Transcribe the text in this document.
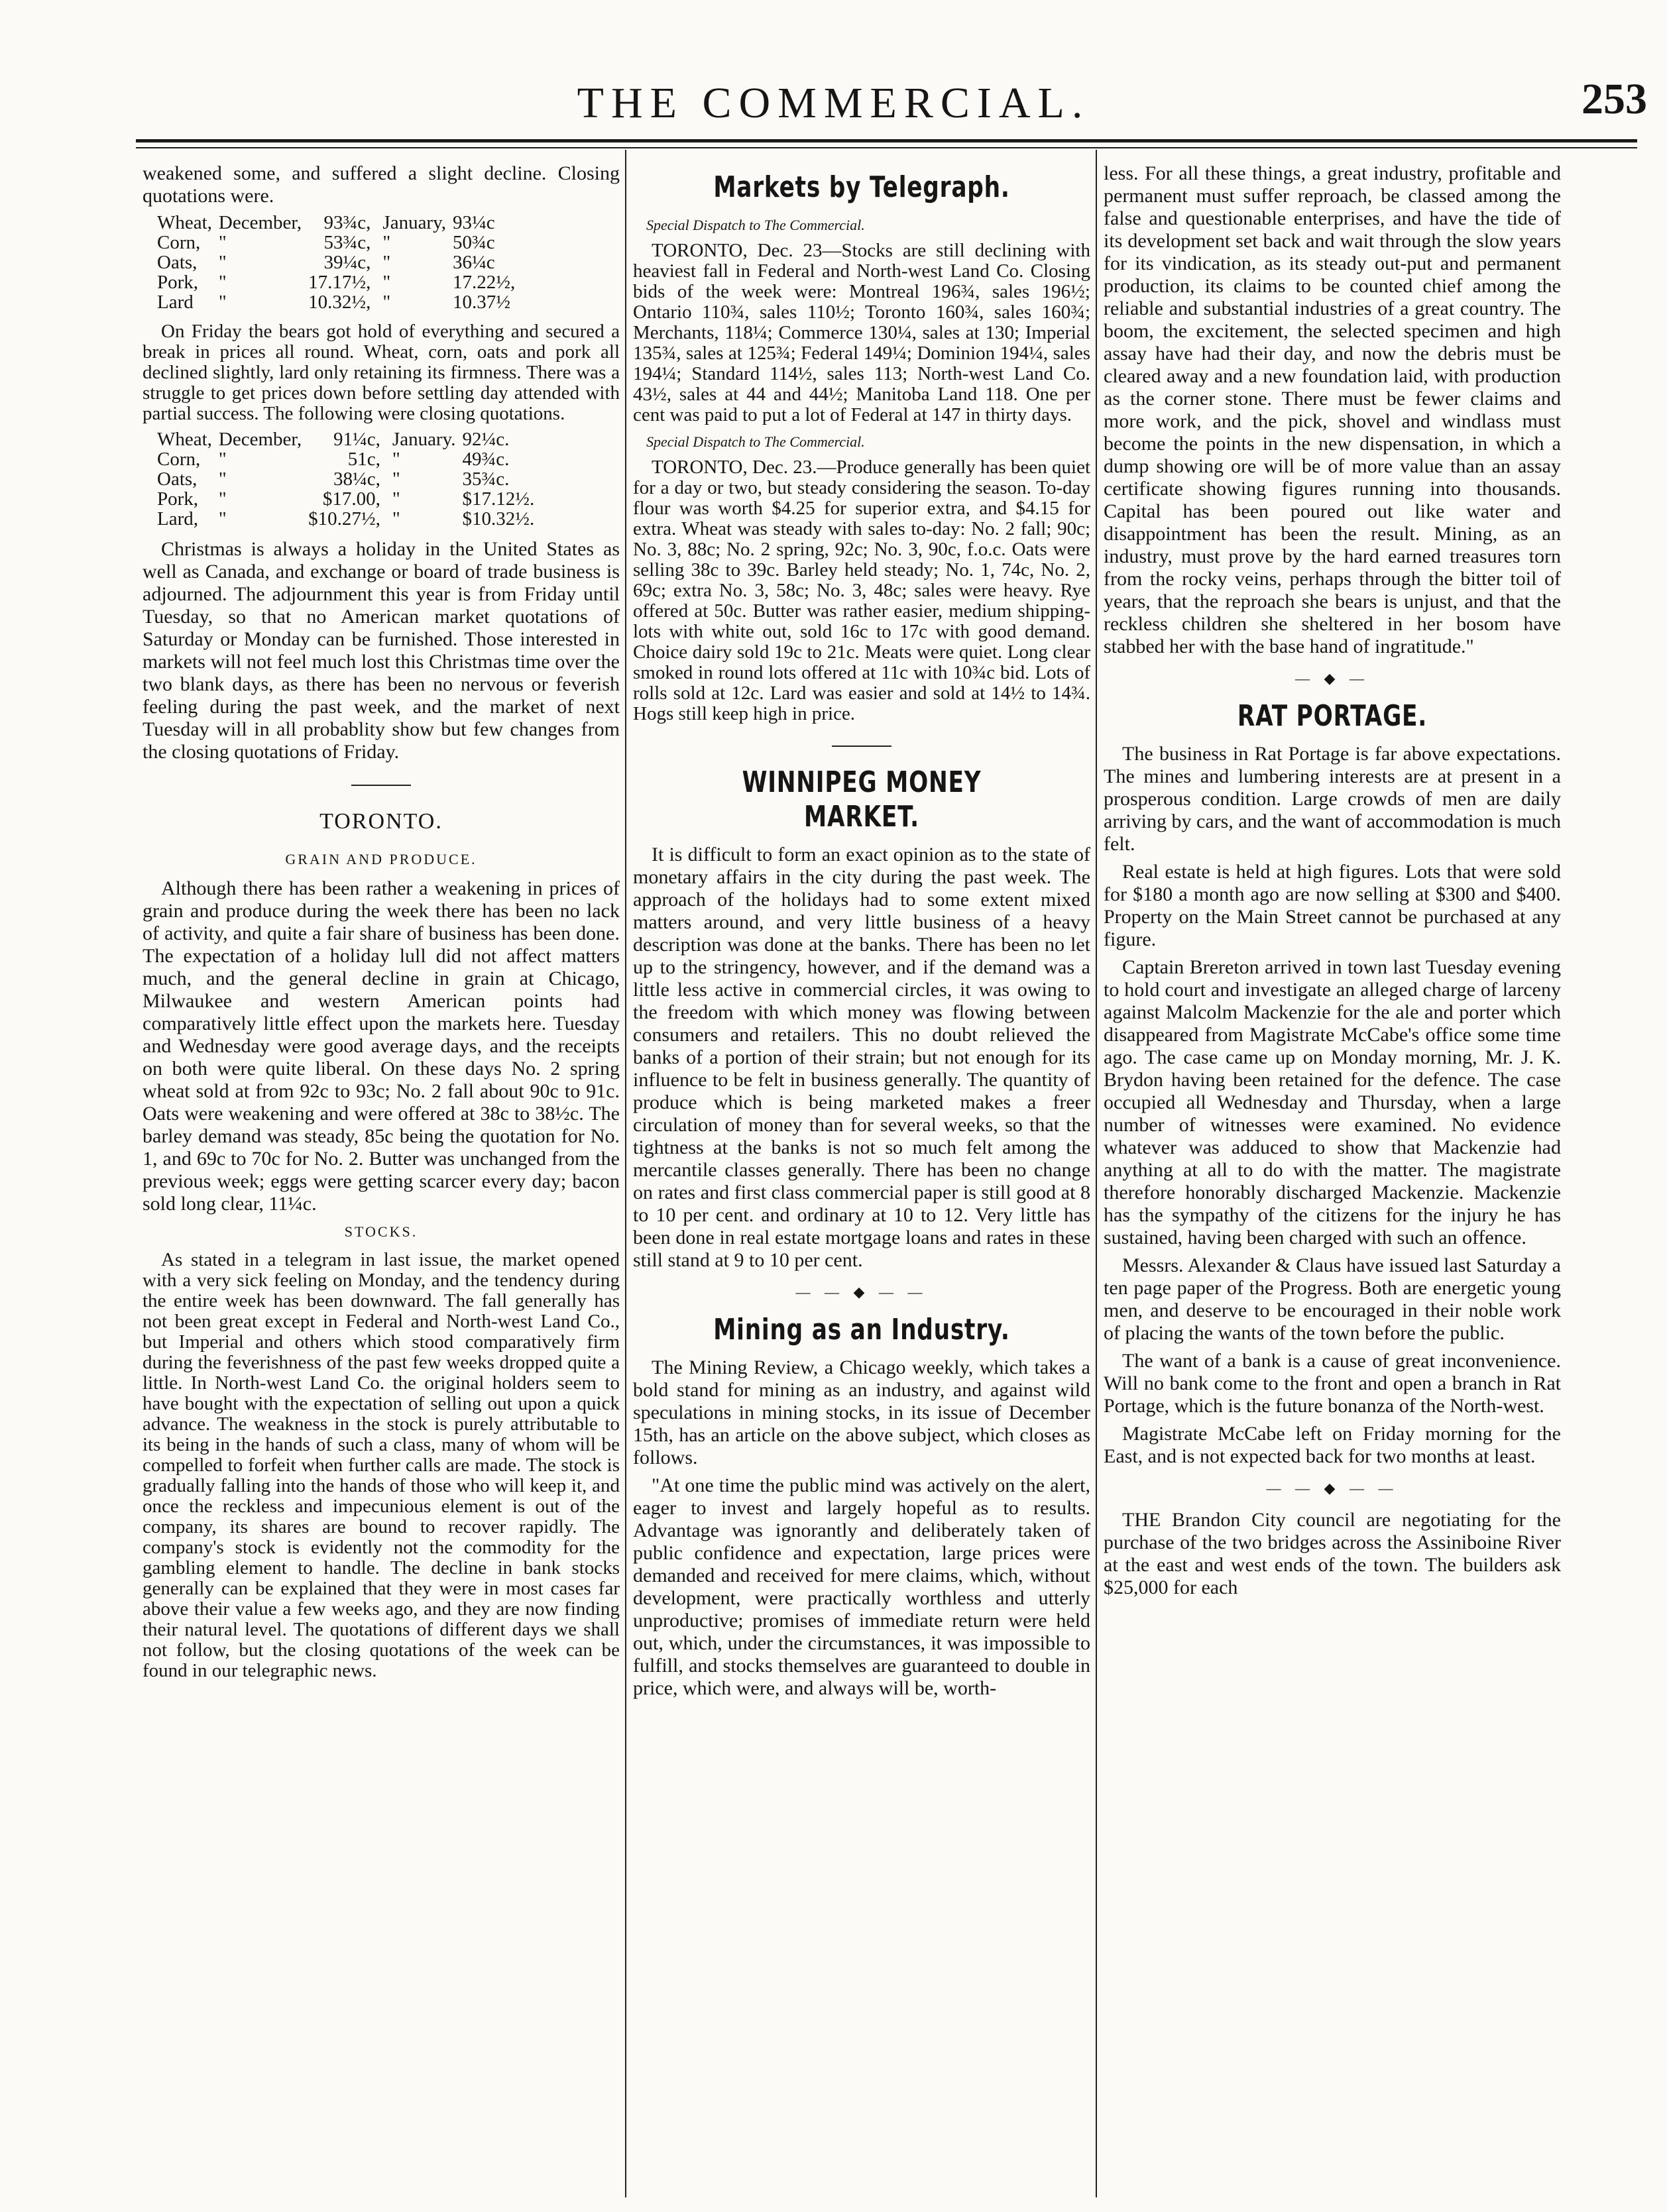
THE COMMERCIAL.	253

weakened some, and suffered a slight decline. Closing quotations were.

Wheat,	December,	93¾c,	January,	93¼c
Corn,	"	53¾c,	"	50¾c
Oats,	"	39¼c,	"	36¼c
Pork,	"	17.17½,	"	17.22½,
Lard	"	10.32½,	"	10.37½

On Friday the bears got hold of everything and secured a break in prices all round. Wheat, corn, oats and pork all declined slightly, lard only retaining its firmness. There was a struggle to get prices down before settling day attended with partial success. The following were closing quotations.

Wheat,	December,	91¼c,	January.	92¼c.
Corn,	"	51c,	"	49¾c.
Oats,	"	38¼c,	"	35¾c.
Pork,	"	$17.00,	"	$17.12½.
Lard,	"	$10.27½,	"	$10.32½.

Christmas is always a holiday in the United States as well as Canada, and exchange or board of trade business is adjourned. The adjournment this year is from Friday until Tuesday, so that no American market quotations of Saturday or Monday can be furnished. Those interested in markets will not feel much lost this Christmas time over the two blank days, as there has been no nervous or feverish feeling during the past week, and the market of next Tuesday will in all probablity show but few changes from the closing quotations of Friday.

TORONTO.
GRAIN AND PRODUCE.

Although there has been rather a weakening in prices of grain and produce during the week there has been no lack of activity, and quite a fair share of business has been done. The expectation of a holiday lull did not affect matters much, and the general decline in grain at Chicago, Milwaukee and western American points had comparatively little effect upon the markets here. Tuesday and Wednesday were good average days, and the receipts on both were quite liberal. On these days No. 2 spring wheat sold at from 92c to 93c; No. 2 fall about 90c to 91c. Oats were weakening and were offered at 38c to 38½c. The barley demand was steady, 85c being the quotation for No. 1, and 69c to 70c for No. 2. Butter was unchanged from the previous week; eggs were getting scarcer every day; bacon sold long clear, 11¼c.

STOCKS.

As stated in a telegram in last issue, the market opened with a very sick feeling on Monday, and the tendency during the entire week has been downward. The fall generally has not been great except in Federal and North-west Land Co., but Imperial and others which stood comparatively firm during the feverishness of the past few weeks dropped quite a little. In North-west Land Co. the original holders seem to have bought with the expectation of selling out upon a quick advance. The weakness in the stock is purely attributable to its being in the hands of such a class, many of whom will be compelled to forfeit when further calls are made. The stock is gradually falling into the hands of those who will keep it, and once the reckless and impecunious element is out of the company, its shares are bound to recover rapidly. The company's stock is evidently not the commodity for the gambling element to handle. The decline in bank stocks generally can be explained that they were in most cases far above their value a few weeks ago, and they are now finding their natural level. The quotations of different days we shall not follow, but the closing quotations of the week can be found in our telegraphic news.

Markets by Telegraph.
Special Dispatch to The Commercial.

TORONTO, Dec. 23—Stocks are still declining with heaviest fall in Federal and North-west Land Co. Closing bids of the week were: Montreal 196¾, sales 196½; Ontario 110¾, sales 110½; Toronto 160¾, sales 160¾; Merchants, 118¼; Commerce 130¼, sales at 130; Imperial 135¾, sales at 125¾; Federal 149¼; Dominion 194¼, sales 194¼; Standard 114½, sales 113; North-west Land Co. 43½, sales at 44 and 44½; Manitoba Land 118. One per cent was paid to put a lot of Federal at 147 in thirty days.

Special Dispatch to The Commercial.

TORONTO, Dec. 23.—Produce generally has been quiet for a day or two, but steady considering the season. To-day flour was worth $4.25 for superior extra, and $4.15 for extra. Wheat was steady with sales to-day: No. 2 fall; 90c; No. 3, 88c; No. 2 spring, 92c; No. 3, 90c, f.o.c. Oats were selling 38c to 39c. Barley held steady; No. 1, 74c, No. 2, 69c; extra No. 3, 58c; No. 3, 48c; sales were heavy. Rye offered at 50c. Butter was rather easier, medium shipping-lots with white out, sold 16c to 17c with good demand. Choice dairy sold 19c to 21c. Meats were quiet. Long clear smoked in round lots offered at 11c with 10¾c bid. Lots of rolls sold at 12c. Lard was easier and sold at 14½ to 14¾. Hogs still keep high in price.

WINNIPEG MONEY MARKET.

It is difficult to form an exact opinion as to the state of monetary affairs in the city during the past week. The approach of the holidays had to some extent mixed matters around, and very little business of a heavy description was done at the banks. There has been no let up to the stringency, however, and if the demand was a little less active in commercial circles, it was owing to the freedom with which money was flowing between consumers and retailers. This no doubt relieved the banks of a portion of their strain; but not enough for its influence to be felt in business generally. The quantity of produce which is being marketed makes a freer circulation of money than for several weeks, so that the tightness at the banks is not so much felt among the mercantile classes generally. There has been no change on rates and first class commercial paper is still good at 8 to 10 per cent. and ordinary at 10 to 12. Very little has been done in real estate mortgage loans and rates in these still stand at 9 to 10 per cent.

— — ◆ — —
Mining as an Industry.

The Mining Review, a Chicago weekly, which takes a bold stand for mining as an industry, and against wild speculations in mining stocks, in its issue of December 15th, has an article on the above subject, which closes as follows.

"At one time the public mind was actively on the alert, eager to invest and largely hopeful as to results. Advantage was ignorantly and deliberately taken of public confidence and expectation, large prices were demanded and received for mere claims, which, without development, were practically worthless and utterly unproductive; promises of immediate return were held out, which, under the circumstances, it was impossible to fulfill, and stocks themselves are guaranteed to double in price, which were, and always will be, worth-

less. For all these things, a great industry, profitable and permanent must suffer reproach, be classed among the false and questionable enterprises, and have the tide of its development set back and wait through the slow years for its vindication, as its steady out-put and permanent production, its claims to be counted chief among the reliable and substantial industries of a great country. The boom, the excitement, the selected specimen and high assay have had their day, and now the debris must be cleared away and a new foundation laid, with production as the corner stone. There must be fewer claims and more work, and the pick, shovel and windlass must become the points in the new dispensation, in which a dump showing ore will be of more value than an assay certificate showing figures running into thousands. Capital has been poured out like water and disappointment has been the result. Mining, as an industry, must prove by the hard earned treasures torn from the rocky veins, perhaps through the bitter toil of years, that the reproach she bears is unjust, and that the reckless children she sheltered in her bosom have stabbed her with the base hand of ingratitude."

— ◆ —
RAT PORTAGE.

The business in Rat Portage is far above expectations. The mines and lumbering interests are at present in a prosperous condition. Large crowds of men are daily arriving by cars, and the want of accommodation is much felt.

Real estate is held at high figures. Lots that were sold for $180 a month ago are now selling at $300 and $400. Property on the Main Street cannot be purchased at any figure.

Captain Brereton arrived in town last Tuesday evening to hold court and investigate an alleged charge of larceny against Malcolm Mackenzie for the ale and porter which disappeared from Magistrate McCabe's office some time ago. The case came up on Monday morning, Mr. J. K. Brydon having been retained for the defence. The case occupied all Wednesday and Thursday, when a large number of witnesses were examined. No evidence whatever was adduced to show that Mackenzie had anything at all to do with the matter. The magistrate therefore honorably discharged Mackenzie. Mackenzie has the sympathy of the citizens for the injury he has sustained, having been charged with such an offence.

Messrs. Alexander & Claus have issued last Saturday a ten page paper of the Progress. Both are energetic young men, and deserve to be encouraged in their noble work of placing the wants of the town before the public.

The want of a bank is a cause of great inconvenience. Will no bank come to the front and open a branch in Rat Portage, which is the future bonanza of the North-west.

Magistrate McCabe left on Friday morning for the East, and is not expected back for two months at least.

— — ◆ — —

THE Brandon City council are negotiating for the purchase of the two bridges across the Assiniboine River at the east and west ends of the town. The builders ask $25,000 for each
